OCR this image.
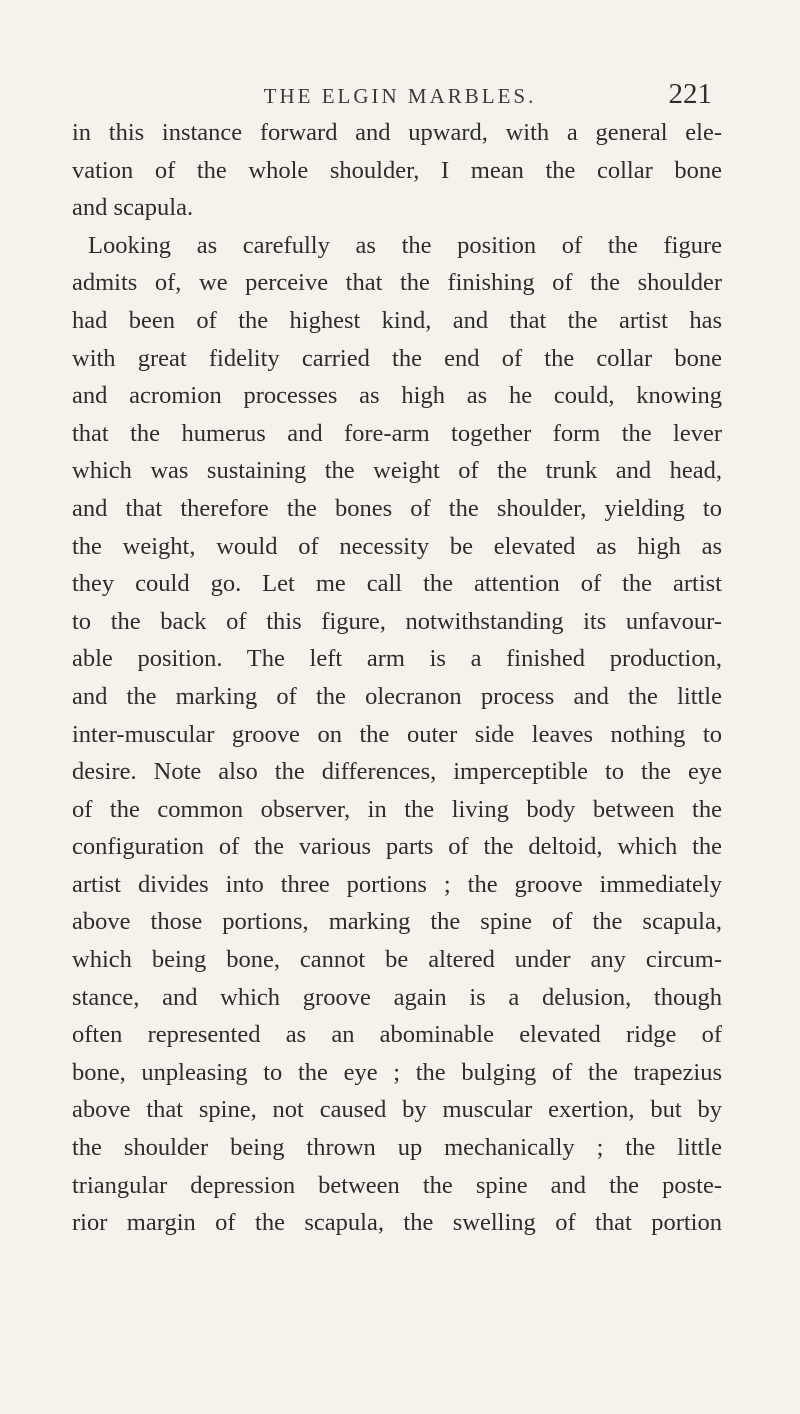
THE ELGIN MARBLES.	221
in this instance forward and upward, with a general ele-
vation of the whole shoulder, I mean the collar bone
and scapula.
Looking as carefully as the position of the figure
admits of, we perceive that the finishing of the shoulder
had been of the highest kind, and that the artist has
with great fidelity carried the end of the collar bone
and acromion processes as high as he could, knowing
that the humerus and fore-arm together form the lever
which was sustaining the weight of the trunk and head,
and that therefore the bones of the shoulder, yielding to
the weight, would of necessity be elevated as high as
they could go. Let me call the attention of the artist
to the back of this figure, notwithstanding its unfavour-
able position. The left arm is a finished production,
and the marking of the olecranon process and the little
inter-muscular groove on the outer side leaves nothing to
desire. Note also the differences, imperceptible to the eye
of the common observer, in the living body between the
configuration of the various parts of the deltoid, which the
artist divides into three portions ; the groove immediately
above those portions, marking the spine of the scapula,
which being bone, cannot be altered under any circum-
stance, and which groove again is a delusion, though
often represented as an abominable elevated ridge of
bone, unpleasing to the eye ; the bulging of the trapezius
above that spine, not caused by muscular exertion, but by
the shoulder being thrown up mechanically ; the little
triangular depression between the spine and the poste-
rior margin of the scapula, the swelling of that portion
